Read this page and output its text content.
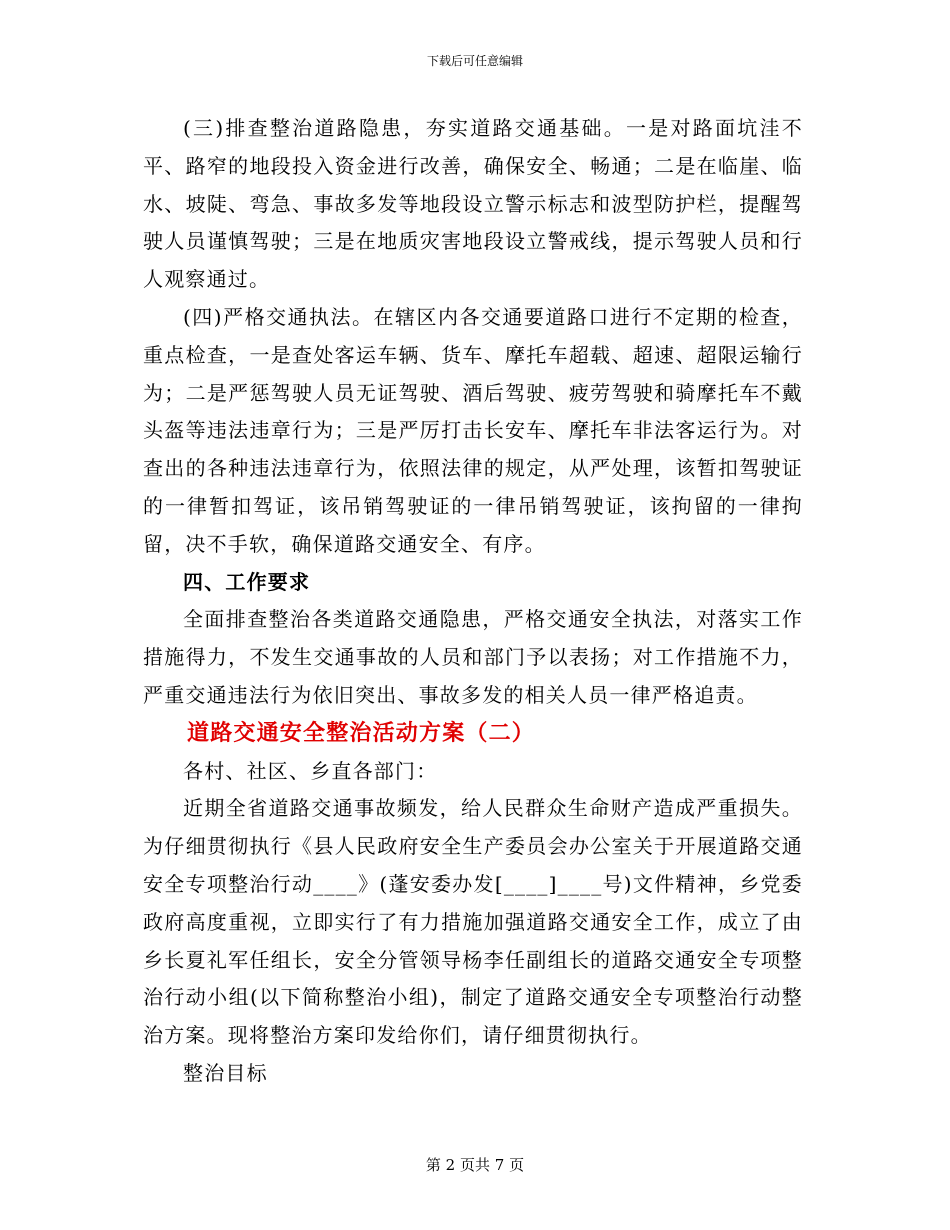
下载后可任意编辑

(三)排查整治道路隐患，夯实道路交通基础。一是对路面坑洼不平、路窄的地段投入资金进行改善，确保安全、畅通；二是在临崖、临水、坡陡、弯急、事故多发等地段设立警示标志和波型防护栏，提醒驾驶人员谨慎驾驶；三是在地质灾害地段设立警戒线，提示驾驶人员和行人观察通过。

(四)严格交通执法。在辖区内各交通要道路口进行不定期的检查，重点检查，一是查处客运车辆、货车、摩托车超载、超速、超限运输行为；二是严惩驾驶人员无证驾驶、酒后驾驶、疲劳驾驶和骑摩托车不戴头盔等违法违章行为；三是严厉打击长安车、摩托车非法客运行为。对查出的各种违法违章行为，依照法律的规定，从严处理，该暂扣驾驶证的一律暂扣驾证，该吊销驾驶证的一律吊销驾驶证，该拘留的一律拘留，决不手软，确保道路交通安全、有序。

四、工作要求

全面排查整治各类道路交通隐患，严格交通安全执法，对落实工作措施得力，不发生交通事故的人员和部门予以表扬；对工作措施不力，严重交通违法行为依旧突出、事故多发的相关人员一律严格追责。

道路交通安全整治活动方案（二）

各村、社区、乡直各部门：

近期全省道路交通事故频发，给人民群众生命财产造成严重损失。为仔细贯彻执行《县人民政府安全生产委员会办公室关于开展道路交通安全专项整治行动____》(蓬安委办发[____]____号)文件精神，乡党委政府高度重视，立即实行了有力措施加强道路交通安全工作，成立了由乡长夏礼军任组长，安全分管领导杨李任副组长的道路交通安全专项整治行动小组(以下简称整治小组)，制定了道路交通安全专项整治行动整治方案。现将整治方案印发给你们，请仔细贯彻执行。

整治目标

第 2 页共 7 页
